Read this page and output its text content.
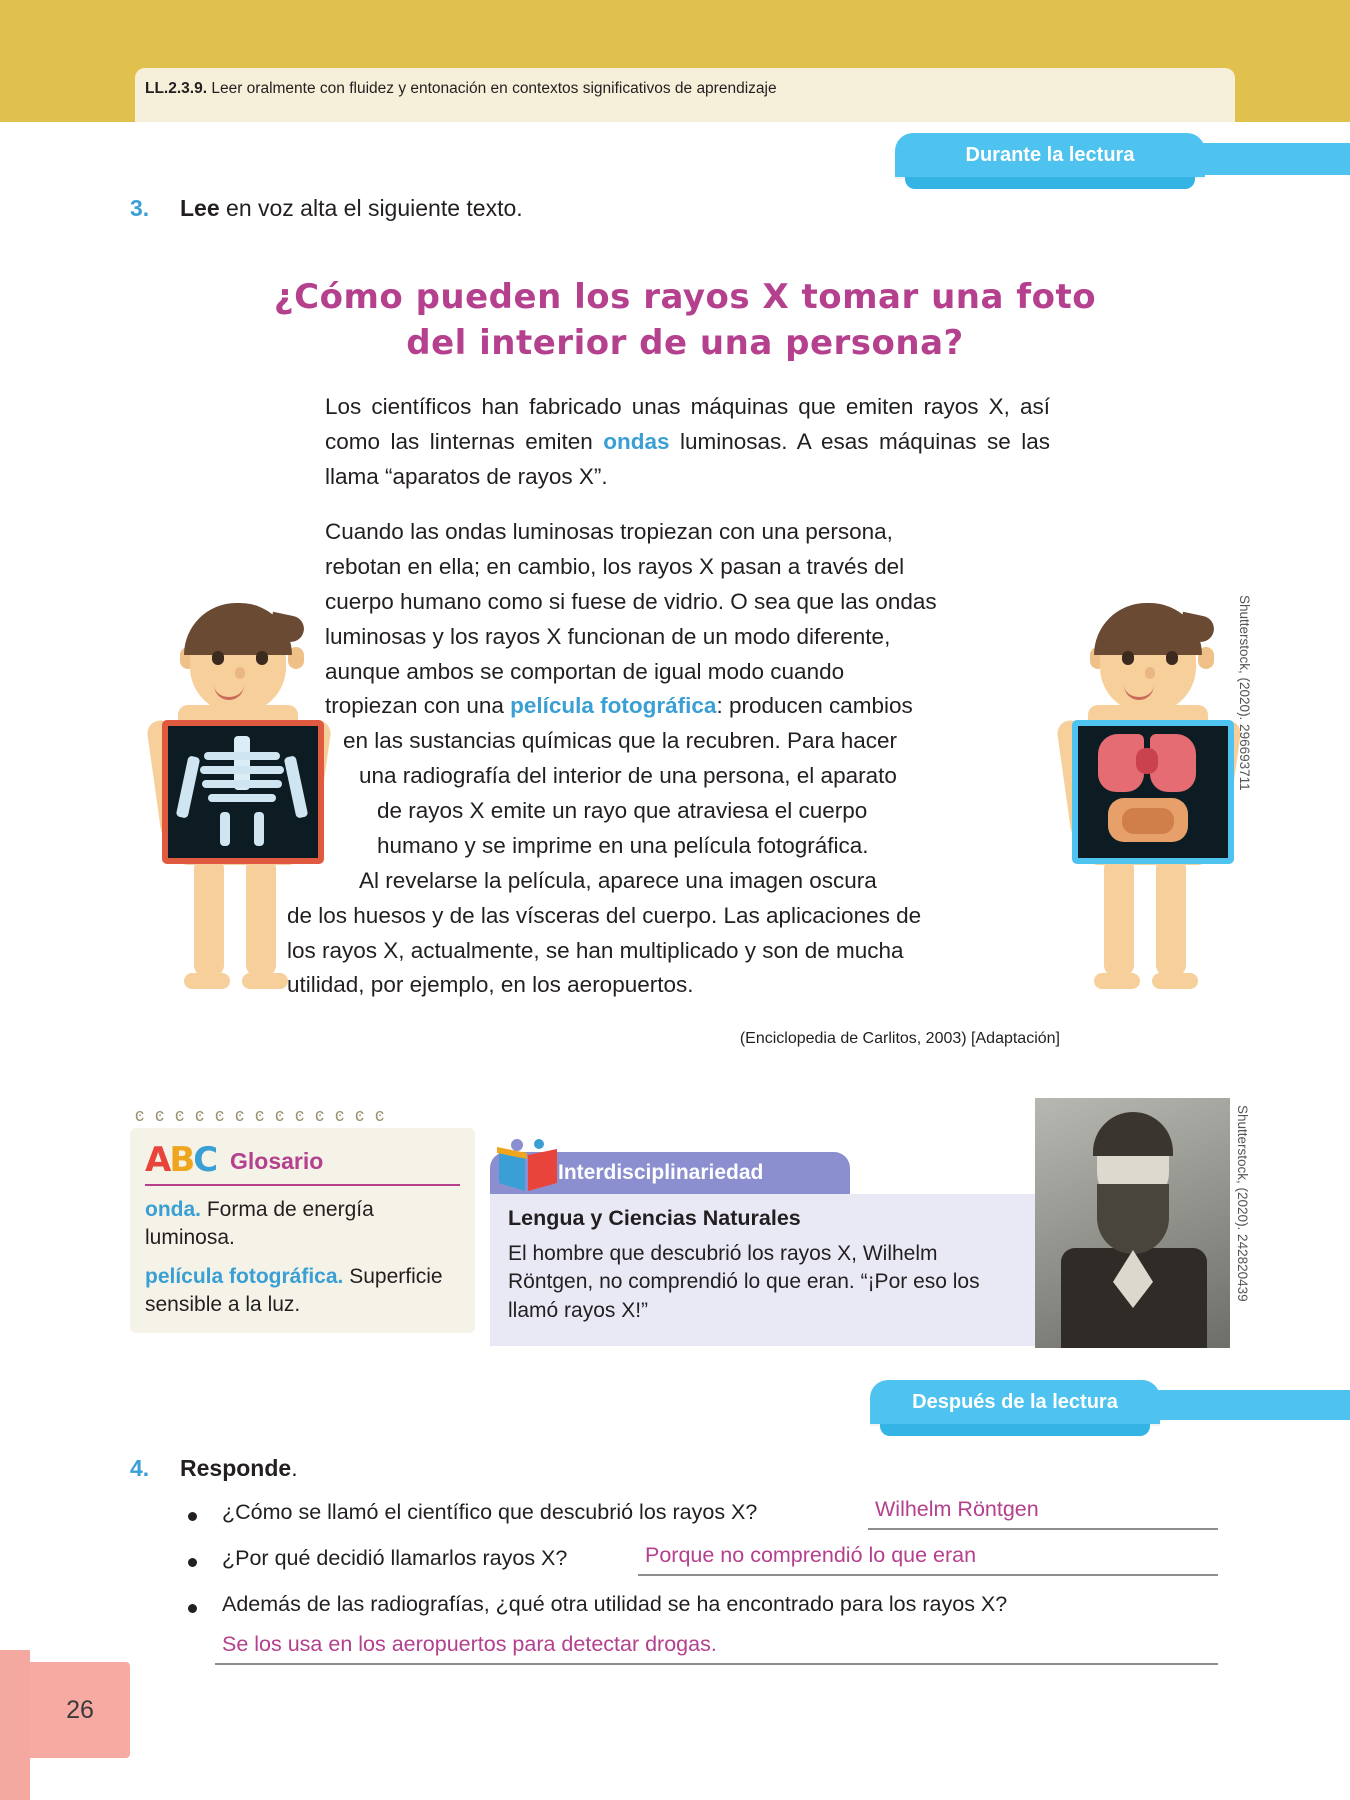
LL.2.3.9. Leer oralmente con fluidez y entonación en contextos significativos de aprendizaje
Durante la lectura
Después de la lectura
3. Lee en voz alta el siguiente texto.
¿Cómo pueden los rayos X tomar una foto
del interior de una persona?
Los científicos han fabricado unas máquinas que emiten rayos X, así como las linternas emiten ondas luminosas. A esas máquinas se las llama “aparatos de rayos X”.
Cuando las ondas luminosas tropiezan con una persona,
rebotan en ella; en cambio, los rayos X pasan a través del
cuerpo humano como si fuese de vidrio. O sea que las ondas
luminosas y los rayos X funcionan de un modo diferente,
aunque ambos se comportan de igual modo cuando
tropiezan con una película fotográfica: producen cambios
en las sustancias químicas que la recubren. Para hacer
una radiografía del interior de una persona, el aparato
de rayos X emite un rayo que atraviesa el cuerpo
humano y se imprime en una película fotográfica.
Al revelarse la película, aparece una imagen oscura
de los huesos y de las vísceras del cuerpo. Las aplicaciones de
los rayos X, actualmente, se han multiplicado y son de mucha
utilidad, por ejemplo, en los aeropuertos.
(Enciclopedia de Carlitos, 2003) [Adaptación]
Shutterstock, (2020). 296693711
Shutterstock, (2020). 242820439
ͼͼͼͼͼͼͼͼͼͼͼͼͼ
ABC Glosario
onda. Forma de energía luminosa.
película fotográfica. Superficie sensible a la luz.
Interdisciplinariedad
Lengua y Ciencias Naturales
El hombre que descubrió los rayos X, Wilhelm Röntgen, no comprendió lo que eran. “¡Por eso los llamó rayos X!”
4. Responde.
¿Cómo se llamó el científico que descubrió los rayos X?	Wilhelm Röntgen
¿Por qué decidió llamarlos rayos X?	Porque no comprendió lo que eran
Además de las radiografías, ¿qué otra utilidad se ha encontrado para los rayos X?
Se los usa en los aeropuertos para detectar drogas.
26
